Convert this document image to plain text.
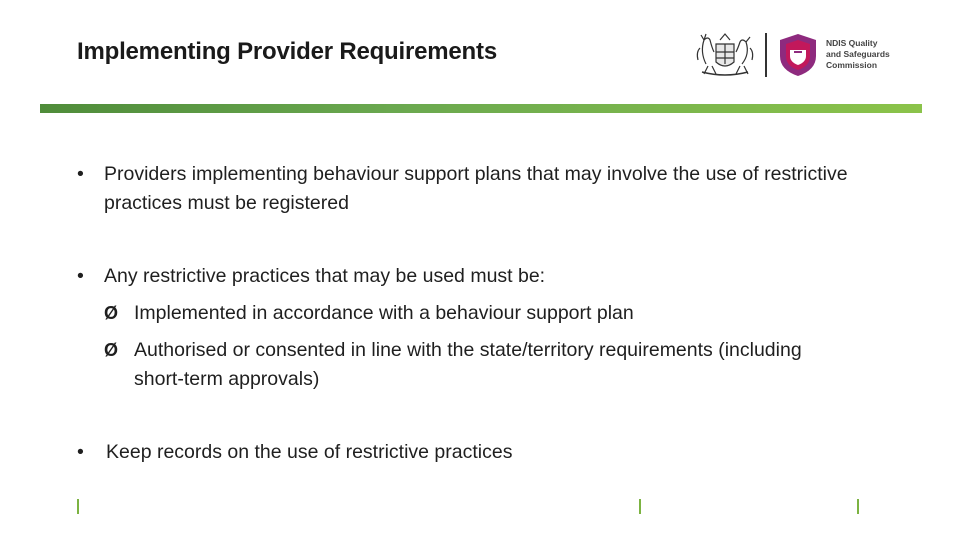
Implementing Provider Requirements	NDIS Quality
and Safeguards
Commission
• Providers implementing behaviour support plans that may involve the use of restrictive practices must be registered
• Any restrictive practices that may be used must be:
Ø Implemented in accordance with a behaviour support plan
Ø Authorised or consented in line with the state/territory requirements (including short-term approvals)
• Keep records on the use of restrictive practices
